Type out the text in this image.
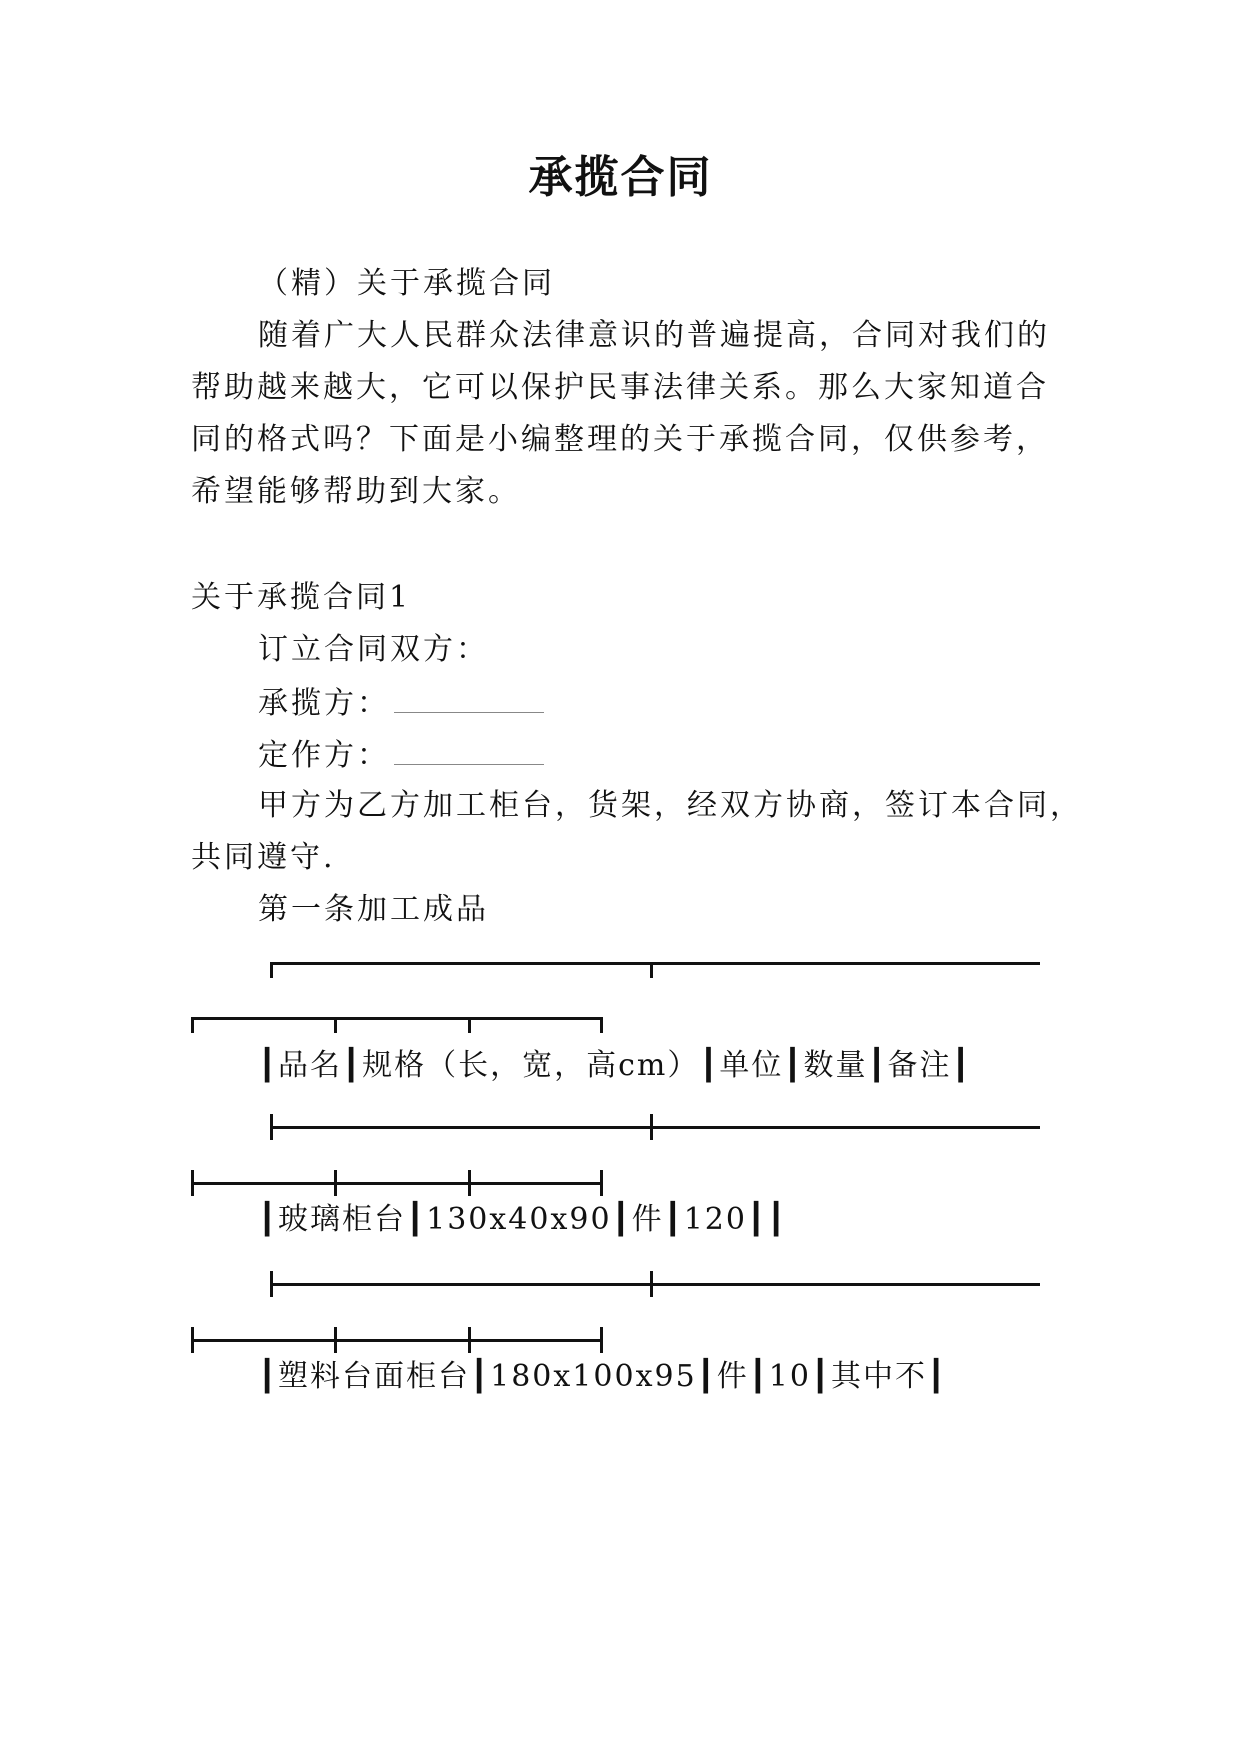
承揽合同
（精）关于承揽合同
随着广大人民群众法律意识的普遍提高，合同对我们的
帮助越来越大，它可以保护民事法律关系。那么大家知道合
同的格式吗？下面是小编整理的关于承揽合同，仅供参考，
希望能够帮助到大家。
关于承揽合同1
订立合同双方：
承揽方：
定作方：
甲方为乙方加工柜台，货架，经双方协商，签订本合同，
共同遵守.
第一条加工成品
┃品名┃规格（长，宽，高cm）┃单位┃数量┃备注┃
┃玻璃柜台┃130x40x90┃件┃120┃┃
┃塑料台面柜台┃180x100x95┃件┃10┃其中不┃
